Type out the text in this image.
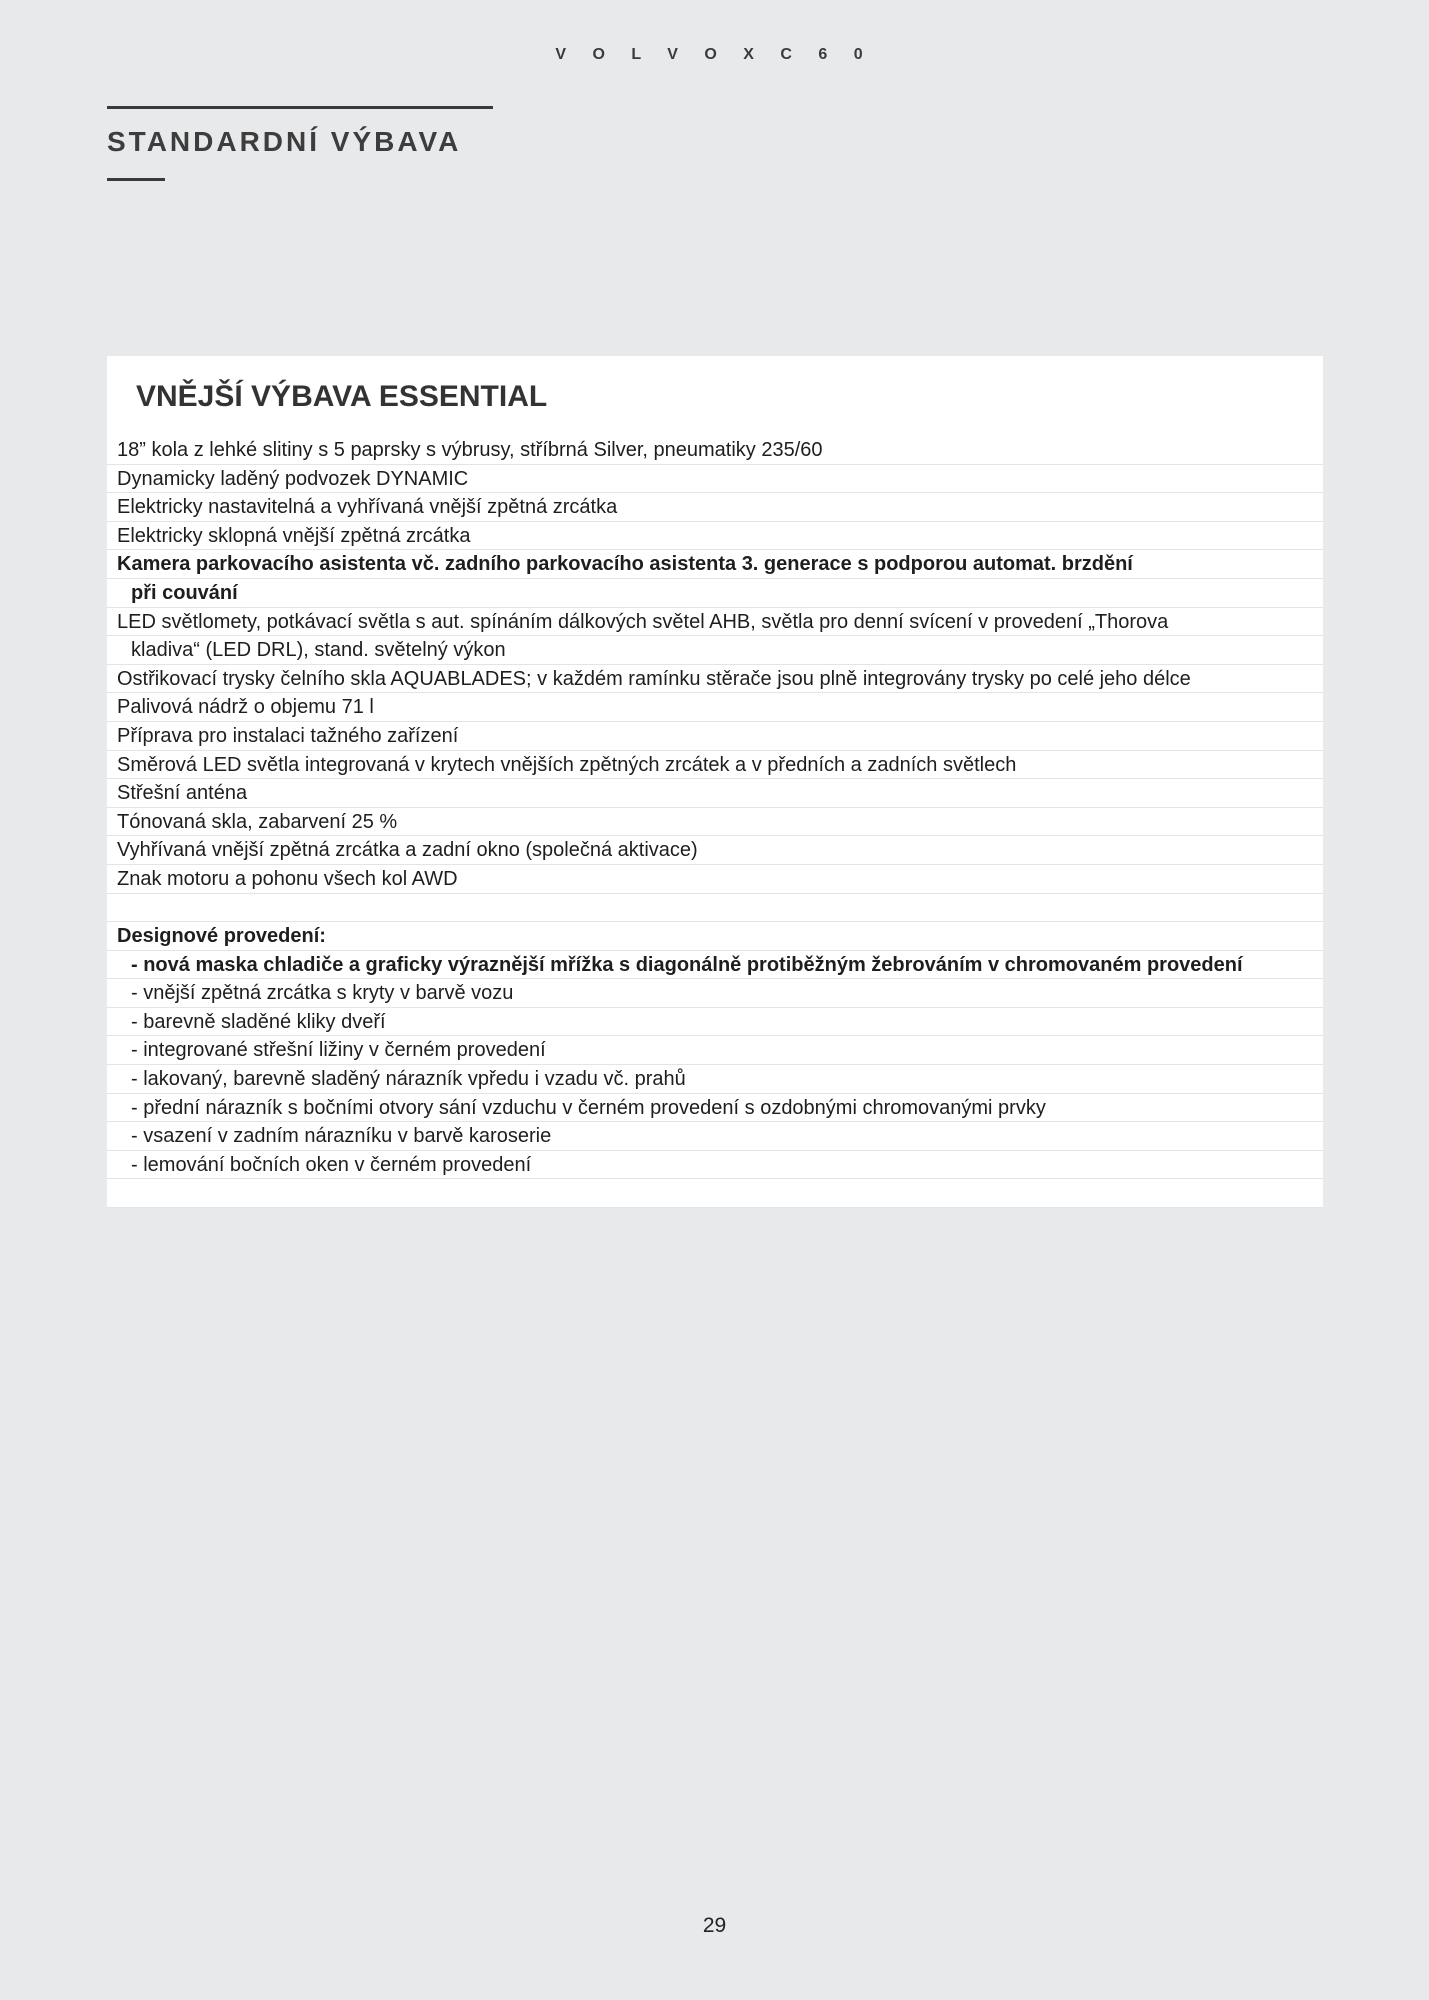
V O L V O X C 6 0
STANDARDNÍ VÝBAVA
VNĚJŠÍ VÝBAVA ESSENTIAL
18” kola z lehké slitiny s 5 paprsky s výbrusy, stříbrná Silver, pneumatiky 235/60
Dynamicky laděný podvozek DYNAMIC
Elektricky nastavitelná a vyhřívaná vnější zpětná zrcátka
Elektricky sklopná vnější zpětná zrcátka
Kamera parkovacího asistenta vč. zadního parkovacího asistenta 3. generace s podporou automat. brzdění
při couvání
LED světlomety, potkávací světla s aut. spínáním dálkových světel AHB, světla pro denní svícení v provedení „Thorova
kladiva“ (LED DRL), stand. světelný výkon
Ostřikovací trysky čelního skla AQUABLADES; v každém ramínku stěrače jsou plně integrovány trysky po celé jeho délce
Palivová nádrž o objemu 71 l
Příprava pro instalaci tažného zařízení
Směrová LED světla integrovaná v krytech vnějších zpětných zrcátek a v předních a zadních světlech
Střešní anténa
Tónovaná skla, zabarvení 25 %
Vyhřívaná vnější zpětná zrcátka a zadní okno (společná aktivace)
Znak motoru a pohonu všech kol AWD
Designové provedení:
- nová maska chladiče a graficky výraznější mřížka s diagonálně protiběžným žebrováním v chromovaném provedení
- vnější zpětná zrcátka s kryty v barvě vozu
- barevně sladěné kliky dveří
- integrované střešní ližiny v černém provedení
- lakovaný, barevně sladěný nárazník vpředu i vzadu vč. prahů
- přední nárazník s bočními otvory sání vzduchu v černém provedení s ozdobnými chromovanými prvky
- vsazení v zadním nárazníku v barvě karoserie
- lemování bočních oken v černém provedení
29
